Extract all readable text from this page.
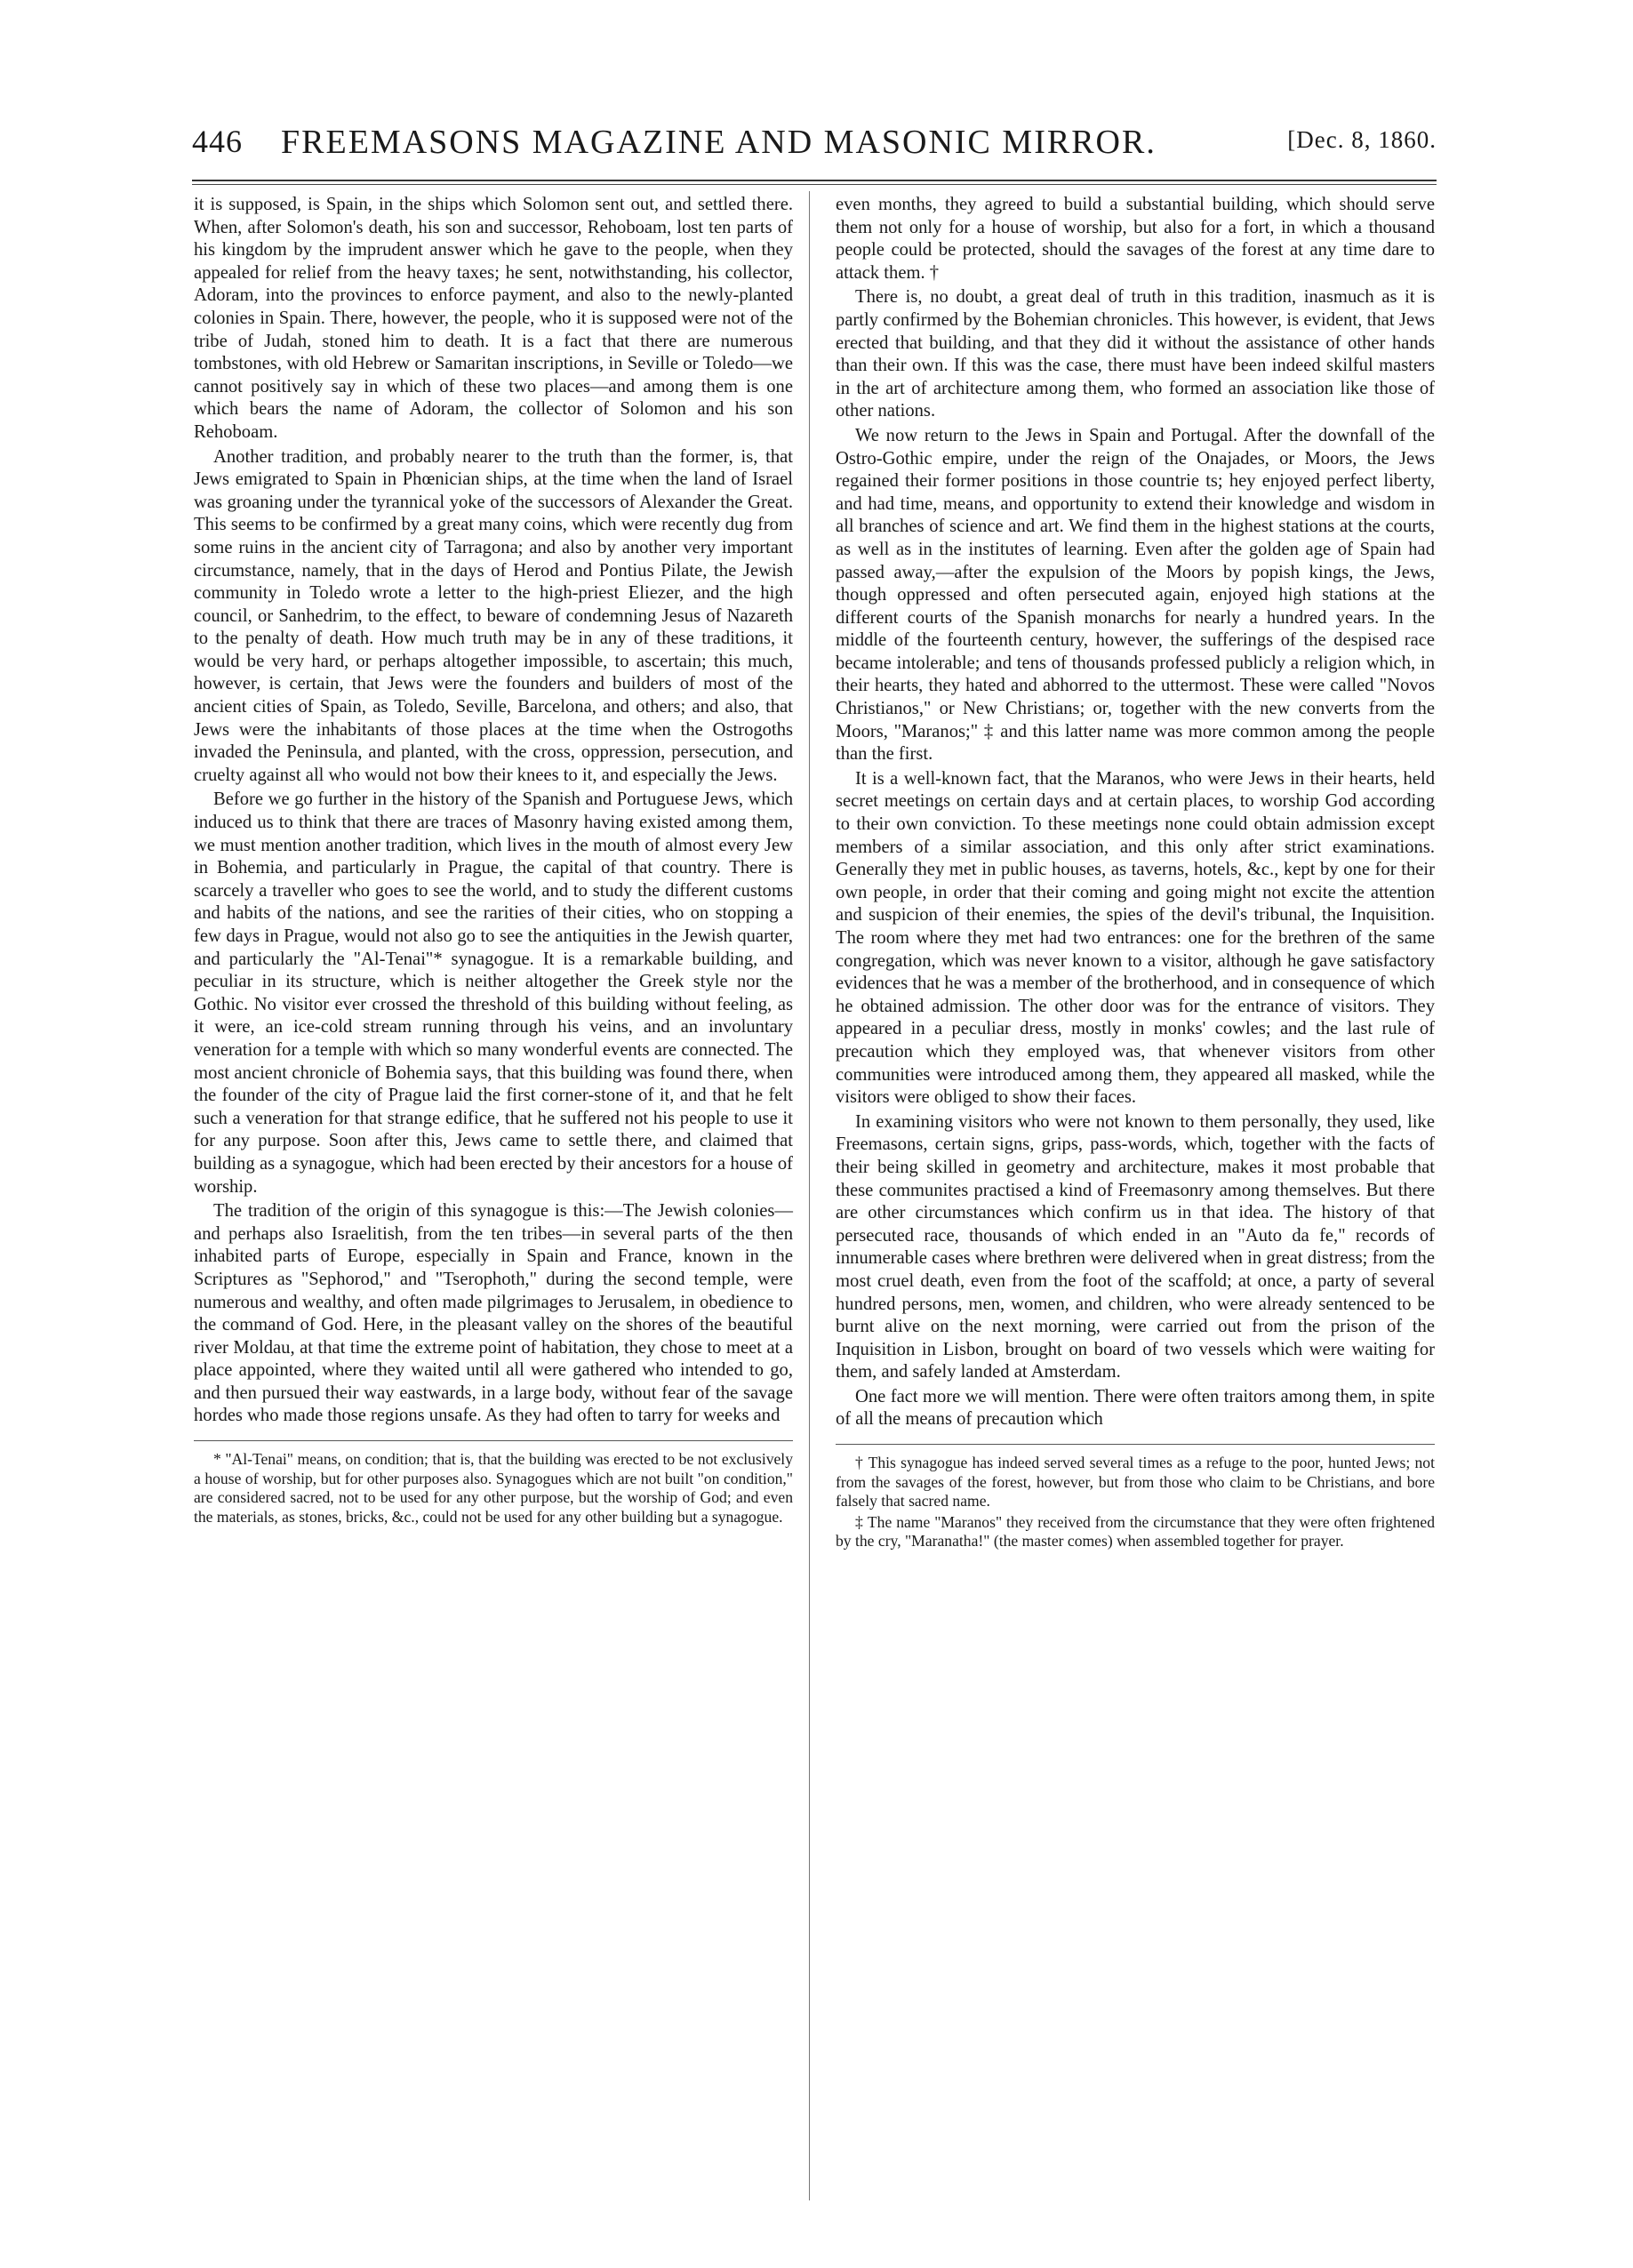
446 FREEMASONS MAGAZINE AND MASONIC MIRROR.	[Dec. 8, 1860.

it is supposed, is Spain, in the ships which Solomon sent out, and settled there. When, after Solomon's death, his son and successor, Rehoboam, lost ten parts of his kingdom by the imprudent answer which he gave to the people, when they appealed for relief from the heavy taxes; he sent, notwithstanding, his collector, Adoram, into the provinces to enforce payment, and also to the newly-planted colonies in Spain. There, however, the people, who it is supposed were not of the tribe of Judah, stoned him to death. It is a fact that there are numerous tombstones, with old Hebrew or Samaritan inscriptions, in Seville or Toledo—we cannot positively say in which of these two places—and among them is one which bears the name of Adoram, the collector of Solomon and his son Rehoboam.

Another tradition, and probably nearer to the truth than the former, is, that Jews emigrated to Spain in Phœnician ships, at the time when the land of Israel was groaning under the tyrannical yoke of the successors of Alexander the Great. This seems to be confirmed by a great many coins, which were recently dug from some ruins in the ancient city of Tarragona; and also by another very important circumstance, namely, that in the days of Herod and Pontius Pilate, the Jewish community in Toledo wrote a letter to the high-priest Eliezer, and the high council, or Sanhedrim, to the effect, to beware of condemning Jesus of Nazareth to the penalty of death. How much truth may be in any of these traditions, it would be very hard, or perhaps altogether impossible, to ascertain; this much, however, is certain, that Jews were the founders and builders of most of the ancient cities of Spain, as Toledo, Seville, Barcelona, and others; and also, that Jews were the inhabitants of those places at the time when the Ostrogoths invaded the Peninsula, and planted, with the cross, oppression, persecution, and cruelty against all who would not bow their knees to it, and especially the Jews.

Before we go further in the history of the Spanish and Portuguese Jews, which induced us to think that there are traces of Masonry having existed among them, we must mention another tradition, which lives in the mouth of almost every Jew in Bohemia, and particularly in Prague, the capital of that country. There is scarcely a traveller who goes to see the world, and to study the different customs and habits of the nations, and see the rarities of their cities, who on stopping a few days in Prague, would not also go to see the antiquities in the Jewish quarter, and particularly the "Al-Tenai"* synagogue. It is a remarkable building, and peculiar in its structure, which is neither altogether the Greek style nor the Gothic. No visitor ever crossed the threshold of this building without feeling, as it were, an ice-cold stream running through his veins, and an involuntary veneration for a temple with which so many wonderful events are connected. The most ancient chronicle of Bohemia says, that this building was found there, when the founder of the city of Prague laid the first corner-stone of it, and that he felt such a veneration for that strange edifice, that he suffered not his people to use it for any purpose. Soon after this, Jews came to settle there, and claimed that building as a synagogue, which had been erected by their ancestors for a house of worship.

The tradition of the origin of this synagogue is this:—The Jewish colonies—and perhaps also Israelitish, from the ten tribes—in several parts of the then inhabited parts of Europe, especially in Spain and France, known in the Scriptures as "Sephorod," and "Tserophoth," during the second temple, were numerous and wealthy, and often made pilgrimages to Jerusalem, in obedience to the command of God. Here, in the pleasant valley on the shores of the beautiful river Moldau, at that time the extreme point of habitation, they chose to meet at a place appointed, where they waited until all were gathered who intended to go, and then pursued their way eastwards, in a large body, without fear of the savage hordes who made those regions unsafe. As they had often to tarry for weeks and

* "Al-Tenai" means, on condition; that is, that the building was erected to be not exclusively a house of worship, but for other purposes also. Synagogues which are not built "on condition," are considered sacred, not to be used for any other purpose, but the worship of God; and even the materials, as stones, bricks, &c., could not be used for any other building but a synagogue.

even months, they agreed to build a substantial building, which should serve them not only for a house of worship, but also for a fort, in which a thousand people could be protected, should the savages of the forest at any time dare to attack them. †

There is, no doubt, a great deal of truth in this tradition, inasmuch as it is partly confirmed by the Bohemian chronicles. This however, is evident, that Jews erected that building, and that they did it without the assistance of other hands than their own. If this was the case, there must have been indeed skilful masters in the art of architecture among them, who formed an association like those of other nations.

We now return to the Jews in Spain and Portugal. After the downfall of the Ostro-Gothic empire, under the reign of the Onajades, or Moors, the Jews regained their former positions in those countrie ts; hey enjoyed perfect liberty, and had time, means, and opportunity to extend their knowledge and wisdom in all branches of science and art. We find them in the highest stations at the courts, as well as in the institutes of learning. Even after the golden age of Spain had passed away,—after the expulsion of the Moors by popish kings, the Jews, though oppressed and often persecuted again, enjoyed high stations at the different courts of the Spanish monarchs for nearly a hundred years. In the middle of the fourteenth century, however, the sufferings of the despised race became intolerable; and tens of thousands professed publicly a religion which, in their hearts, they hated and abhorred to the uttermost. These were called "Novos Christianos," or New Christians; or, together with the new converts from the Moors, "Maranos;" ‡ and this latter name was more common among the people than the first.

It is a well-known fact, that the Maranos, who were Jews in their hearts, held secret meetings on certain days and at certain places, to worship God according to their own conviction. To these meetings none could obtain admission except members of a similar association, and this only after strict examinations. Generally they met in public houses, as taverns, hotels, &c., kept by one for their own people, in order that their coming and going might not excite the attention and suspicion of their enemies, the spies of the devil's tribunal, the Inquisition. The room where they met had two entrances: one for the brethren of the same congregation, which was never known to a visitor, although he gave satisfactory evidences that he was a member of the brotherhood, and in consequence of which he obtained admission. The other door was for the entrance of visitors. They appeared in a peculiar dress, mostly in monks' cowles; and the last rule of precaution which they employed was, that whenever visitors from other communities were introduced among them, they appeared all masked, while the visitors were obliged to show their faces.

In examining visitors who were not known to them personally, they used, like Freemasons, certain signs, grips, pass-words, which, together with the facts of their being skilled in geometry and architecture, makes it most probable that these communites practised a kind of Freemasonry among themselves. But there are other circumstances which confirm us in that idea. The history of that persecuted race, thousands of which ended in an "Auto da fe," records of innumerable cases where brethren were delivered when in great distress; from the most cruel death, even from the foot of the scaffold; at once, a party of several hundred persons, men, women, and children, who were already sentenced to be burnt alive on the next morning, were carried out from the prison of the Inquisition in Lisbon, brought on board of two vessels which were waiting for them, and safely landed at Amsterdam.

One fact more we will mention. There were often traitors among them, in spite of all the means of precaution which

† This synagogue has indeed served several times as a refuge to the poor, hunted Jews; not from the savages of the forest, however, but from those who claim to be Christians, and bore falsely that sacred name.

‡ The name "Maranos" they received from the circumstance that they were often frightened by the cry, "Maranatha!" (the master comes) when assembled together for prayer.
